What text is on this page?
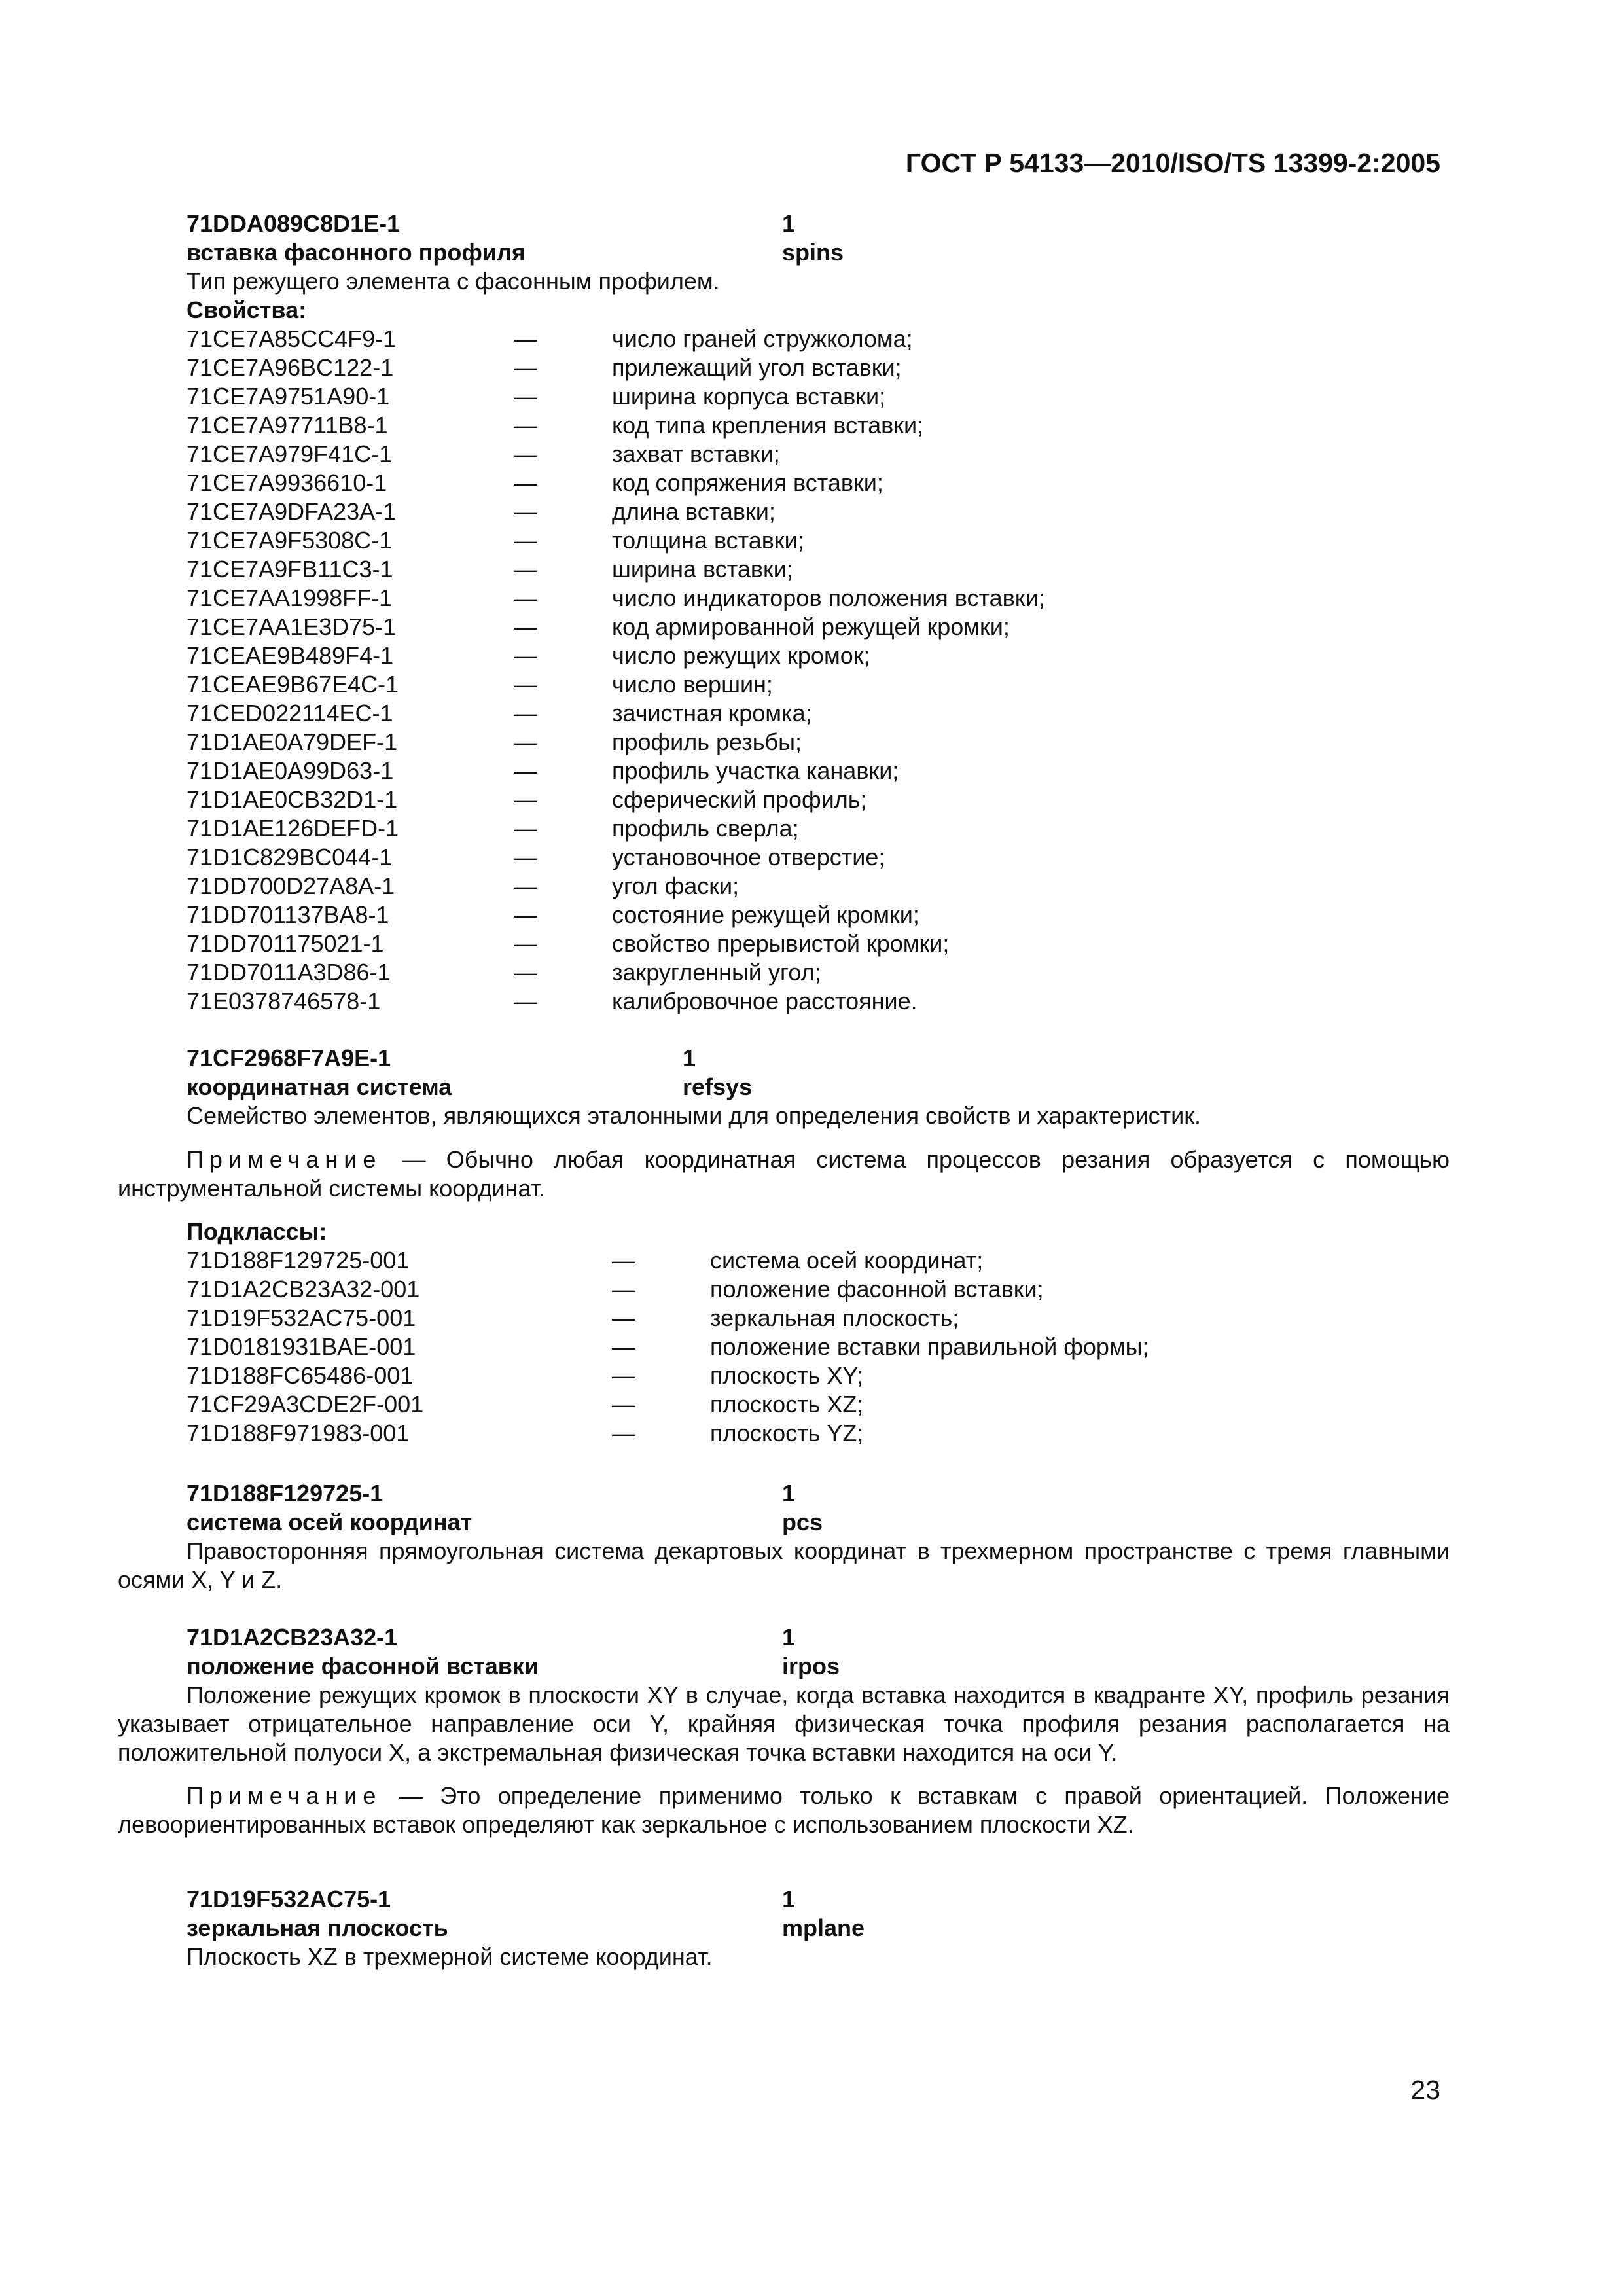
ГОСТ Р 54133—2010/ISO/TS 13399-2:2005
71DDA089C8D1E-1	1
вставка фасонного профиля	spins
Тип режущего элемента с фасонным профилем.
Свойства:
71CE7A85CC4F9-1	—	число граней стружколома;
71CE7A96BC122-1	—	прилежащий угол вставки;
71CE7A9751A90-1	—	ширина корпуса вставки;
71CE7A97711B8-1	—	код типа крепления вставки;
71CE7A979F41C-1	—	захват вставки;
71CE7A9936610-1	—	код сопряжения вставки;
71CE7A9DFA23A-1	—	длина вставки;
71CE7A9F5308C-1	—	толщина вставки;
71CE7A9FB11C3-1	—	ширина вставки;
71CE7AA1998FF-1	—	число индикаторов положения вставки;
71CE7AA1E3D75-1	—	код армированной режущей кромки;
71CEAE9B489F4-1	—	число режущих кромок;
71CEAE9B67E4C-1	—	число вершин;
71CED022114EC-1	—	зачистная кромка;
71D1AE0A79DEF-1	—	профиль резьбы;
71D1AE0A99D63-1	—	профиль участка канавки;
71D1AE0CB32D1-1	—	сферический профиль;
71D1AE126DEFD-1	—	профиль сверла;
71D1C829BC044-1	—	установочное отверстие;
71DD700D27A8A-1	—	угол фаски;
71DD701137BA8-1	—	состояние режущей кромки;
71DD701175021-1	—	свойство прерывистой кромки;
71DD7011A3D86-1	—	закругленный угол;
71E0378746578-1	—	калибровочное расстояние.
71CF2968F7A9E-1	1
координатная система	refsys
Семейство элементов, являющихся эталонными для определения свойств и характеристик.
Примечание — Обычно любая координатная система процессов резания образуется с помощью инструментальной системы координат.
Подклассы:
71D188F129725-001	—	система осей координат;
71D1A2CB23A32-001	—	положение фасонной вставки;
71D19F532AC75-001	—	зеркальная плоскость;
71D0181931BAE-001	—	положение вставки правильной формы;
71D188FC65486-001	—	плоскость XY;
71CF29A3CDE2F-001	—	плоскость XZ;
71D188F971983-001	—	плоскость YZ;
71D188F129725-1	1
система осей координат	pcs
Правосторонняя прямоугольная система декартовых координат в трехмерном пространстве с тремя главными осями X, Y и Z.
71D1A2CB23A32-1	1
положение фасонной вставки	irpos
Положение режущих кромок в плоскости XY в случае, когда вставка находится в квадранте XY, профиль резания указывает отрицательное направление оси Y, крайняя физическая точка профиля резания располагается на положительной полуоси X, а экстремальная физическая точка вставки находится на оси Y.
Примечание — Это определение применимо только к вставкам с правой ориентацией. Положение левоориентированных вставок определяют как зеркальное с использованием плоскости XZ.
71D19F532AC75-1	1
зеркальная плоскость	mplane
Плоскость XZ в трехмерной системе координат.
23
